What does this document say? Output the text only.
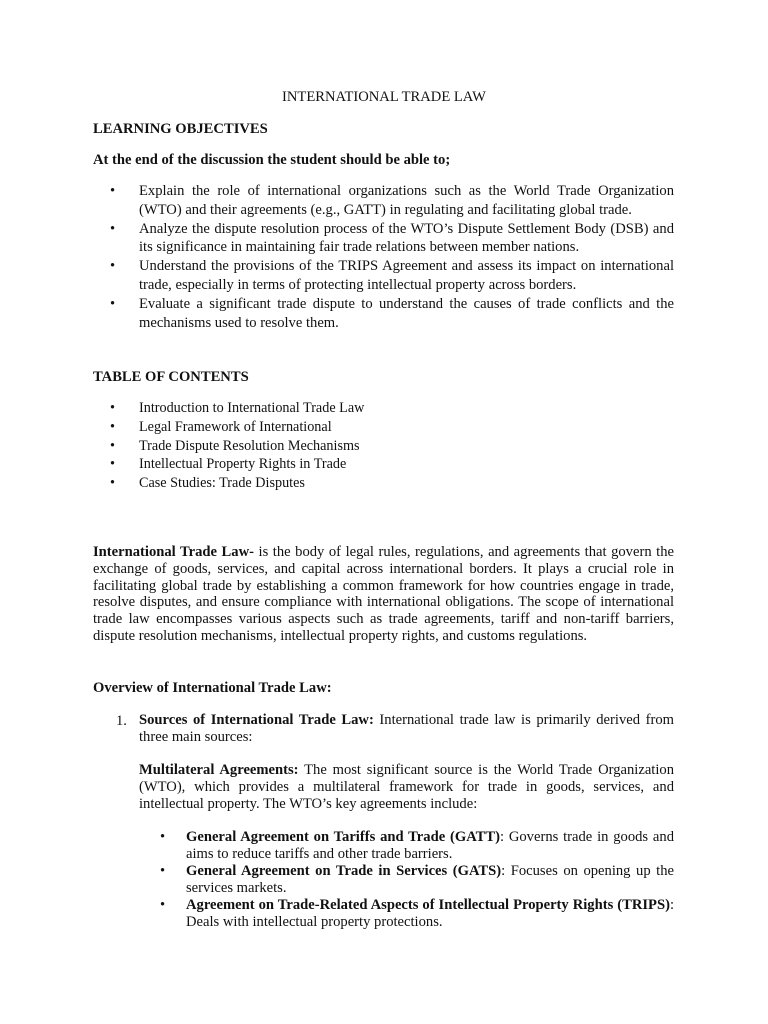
INTERNATIONAL TRADE LAW

LEARNING OBJECTIVES

At the end of the discussion the student should be able to;

• Explain the role of international organizations such as the World Trade Organization (WTO) and their agreements (e.g., GATT) in regulating and facilitating global trade.
• Analyze the dispute resolution process of the WTO’s Dispute Settlement Body (DSB) and its significance in maintaining fair trade relations between member nations.
• Understand the provisions of the TRIPS Agreement and assess its impact on international trade, especially in terms of protecting intellectual property across borders.
• Evaluate a significant trade dispute to understand the causes of trade conflicts and the mechanisms used to resolve them.

TABLE OF CONTENTS

• Introduction to International Trade Law
• Legal Framework of International
• Trade Dispute Resolution Mechanisms
• Intellectual Property Rights in Trade
• Case Studies: Trade Disputes

International Trade Law- is the body of legal rules, regulations, and agreements that govern the exchange of goods, services, and capital across international borders. It plays a crucial role in facilitating global trade by establishing a common framework for how countries engage in trade, resolve disputes, and ensure compliance with international obligations. The scope of international trade law encompasses various aspects such as trade agreements, tariff and non-tariff barriers, dispute resolution mechanisms, intellectual property rights, and customs regulations.

Overview of International Trade Law:

1. Sources of International Trade Law: International trade law is primarily derived from three main sources:

Multilateral Agreements: The most significant source is the World Trade Organization (WTO), which provides a multilateral framework for trade in goods, services, and intellectual property. The WTO’s key agreements include:

• General Agreement on Tariffs and Trade (GATT): Governs trade in goods and aims to reduce tariffs and other trade barriers.
• General Agreement on Trade in Services (GATS): Focuses on opening up the services markets.
• Agreement on Trade-Related Aspects of Intellectual Property Rights (TRIPS): Deals with intellectual property protections.
